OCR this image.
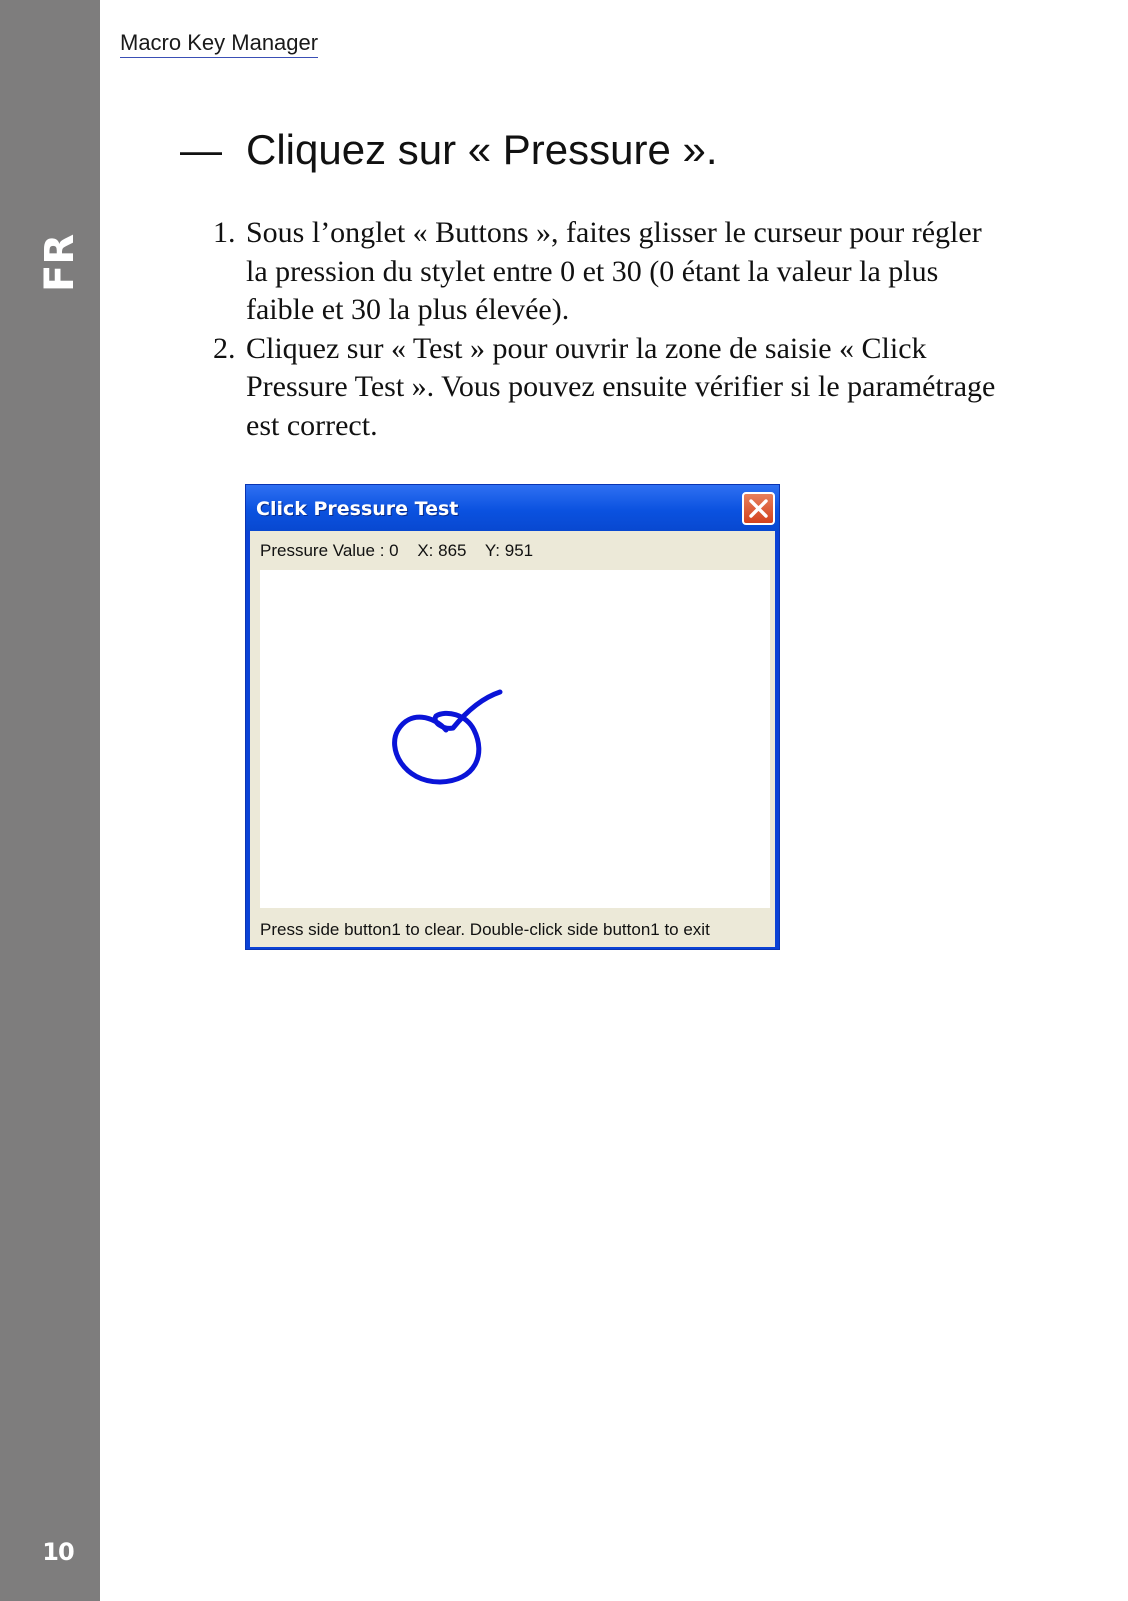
FR
10
Macro Key Manager
— Cliquez sur « Pressure ».
1. Sous l’onglet « Buttons », faites glisser le curseur pour régler la pression du stylet entre 0 et 30 (0 étant la valeur la plus faible et 30 la plus élevée).
2. Cliquez sur « Test » pour ouvrir la zone de saisie « Click Pressure Test ». Vous pouvez ensuite vérifier si le paramétrage est correct.
Click Pressure Test
Pressure Value : 0 X: 865 Y: 951
Press side button1 to clear. Double-click side button1 to exit
